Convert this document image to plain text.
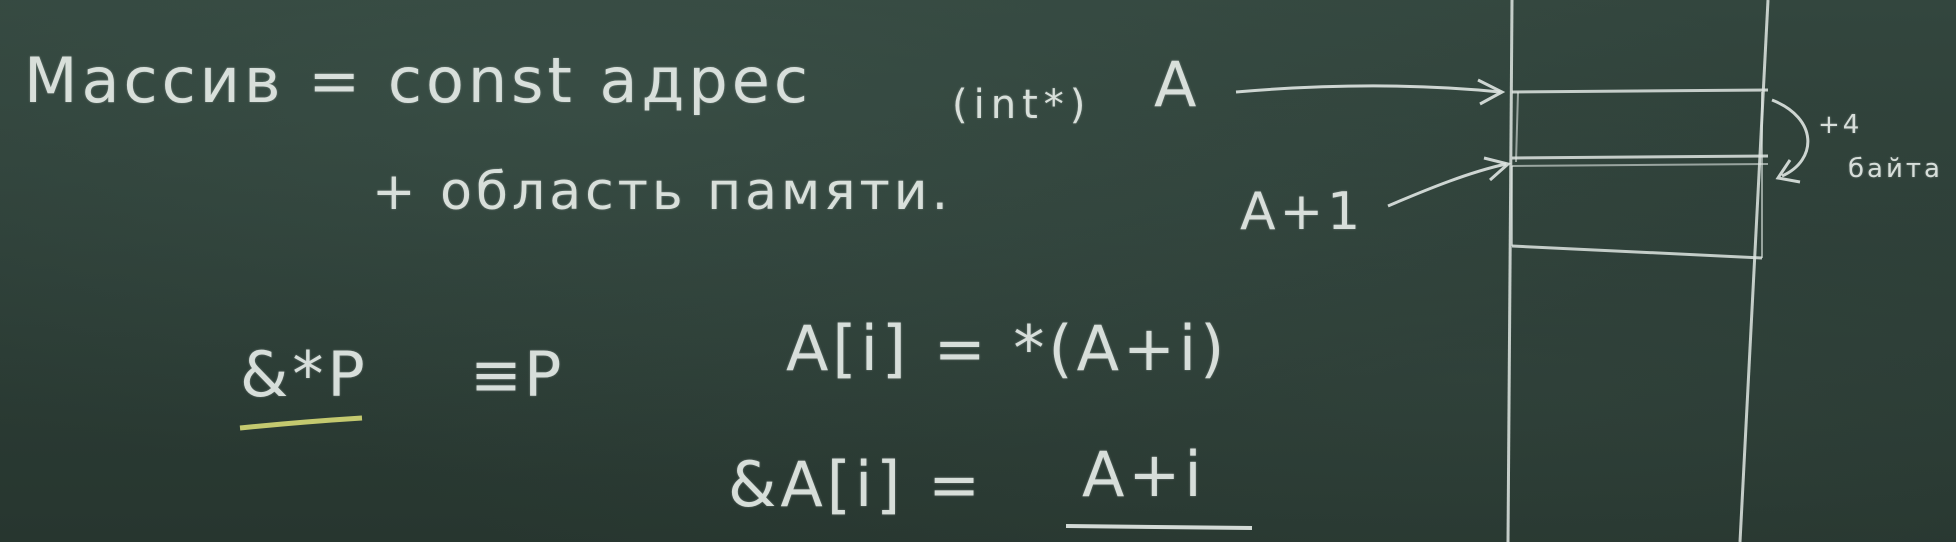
Массив = const адрес
+ область памяти.
(int*) A
A+1
+4
байта
&*P ≡
P	A[i] = *(A+i)
&A[i] = A+i
